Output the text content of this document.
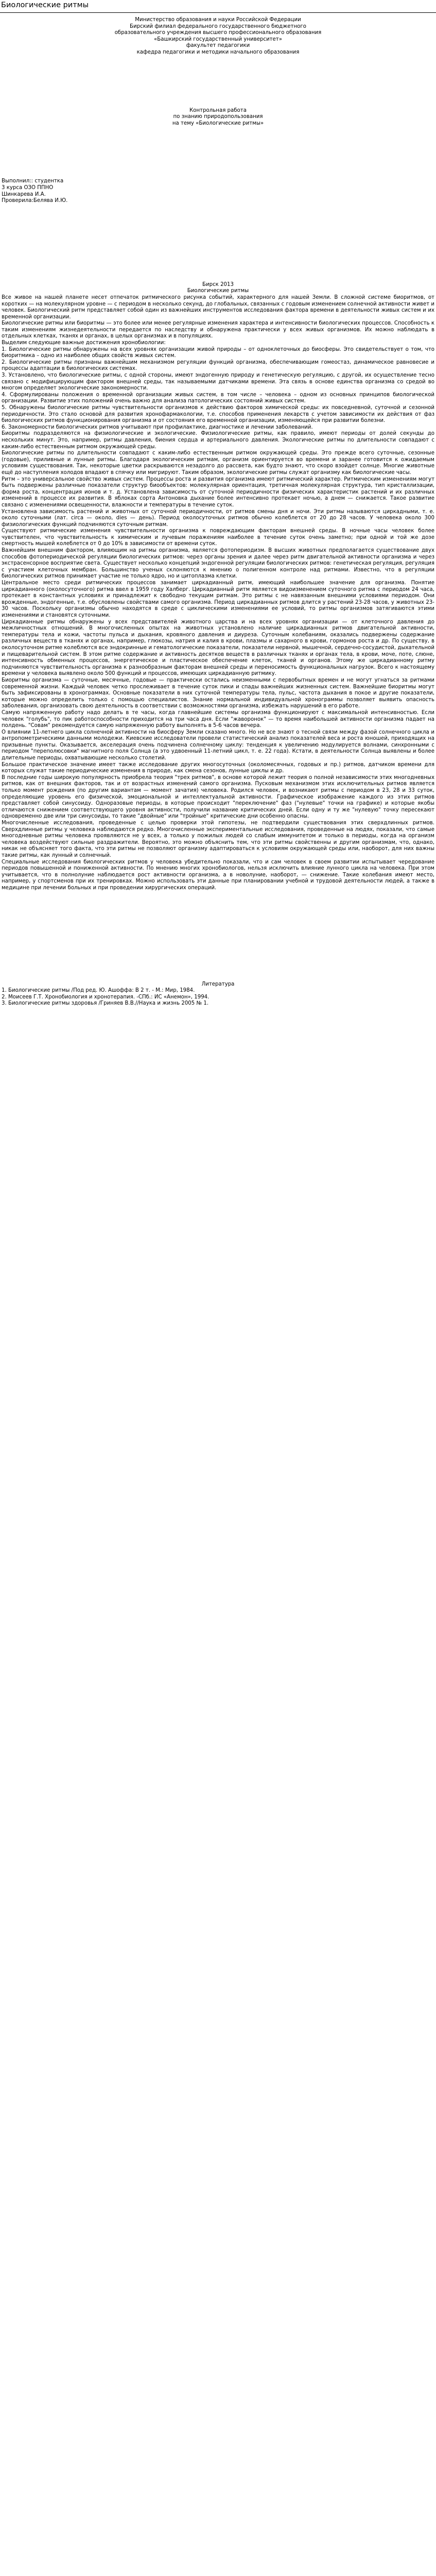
Биологические ритмы

Министерство образования и науки Российской Федерации

Бирский филиал федерального государственного бюджетного

образовательного учреждения высшего профессионального образования

«Башкирский государственный университет»

факультет педагогики

кафедра педагогики и методики начального образования

Контрольная работа

по знанию природопользования

на тему «Биологические ритмы»

Выполнил:: студентка

3 курса ОЗО ППНО

Шинкарева И.А.

Проверила:Белява И.Ю.

Бирск 2013

Биологические ритмы

Все живое на нашей планете несет отпечаток ритмического рисунка событий, характерного для нашей Земли. В сложной системе биоритмов, от коротких — на молекулярном уровне — с периодом в несколько секунд, до глобальных, связанных с годовым изменением солнечной активности живет и человек. Биологический ритм представляет собой один из важнейших инструментов исследования фактора времени в деятельности живых систем и их временной организации.

Биологические ритмы или биоритмы — это более или менее регулярные изменения характера и интенсивности биологических процессов. Способность к таким изменениям жизнедеятельности передается по наследству и обнаружена практически у всех живых организмов. Их можно наблюдать в отдельных клетках, тканях и органах, в целых организмах и в популяциях.

Выделим следующие важные достижения хронобиологии:

1. Биологические ритмы обнаружены на всех уровнях организации живой природы – от одноклеточных до биосферы. Это свидетельствует о том, что биоритмика – одно из наиболее общих свойств живых систем.

2. Биологические ритмы признаны важнейшим механизмом регуляции функций организма, обеспечивающим гомеостаз, динамическое равновесие и процессы адаптации в биологических системах.

3. Установлено, что биологические ритмы, с одной стороны, имеют эндогенную природу и генетическую регуляцию, с другой, их осуществление тесно связано с модифицирующим фактором внешней среды, так называемыми датчиками времени. Эта связь в основе единства организма со средой во многом определяет экологические закономерности.

4. Сформулированы положения о временной организации живых систем, в том числе – человека – одном из основных принципов биологической организации. Развитие этих положений очень важно для анализа патологических состояний живых систем.

5. Обнаружены биологические ритмы чувствительности организмов к действию факторов химической среды: их повседневной, суточной и сезонной периодичности. Это стало основой для развития хронофармакологии, т.е. способов применения лекарств с учетом зависимости их действия от фаз биологических ритмов функционирования организма и от состояния его временной организации, изменяющейся при развитии болезни.

6. Закономерности биологических ритмов учитывают при профилактике, диагностике и лечении заболеваний.

Биоритмы подразделяются на физиологические и экологические. Физиологические ритмы, как правило, имеют периоды от долей секунды до нескольких минут. Это, например, ритмы давления, биения сердца и артериального давления. Экологические ритмы по длительности совпадают с каким-либо естественным ритмом окружающей среды.

Биологические ритмы по длительности совпадают с каким-либо естественным ритмом окружающей среды. Это прежде всего суточные, сезонные (годовые), приливные и лунные ритмы. Благодаря экологическим ритмам, организм ориентируется во времени и заранее готовится к ожидаемым условиям существования. Так, некоторые цветки раскрываются незадолго до рассвета, как будто знают, что скоро взойдет солнце. Многие животные ещё до наступления холодов впадают в спячку или мигрируют. Таким образом, экологические ритмы служат организму как биологические часы.

Ритм – это универсальное свойство живых систем. Процессы роста и развития организма имеют ритмический характер. Ритмическим изменениям могут быть подвержены различные показатели структур биообъектов: молекулярная ориентация, третичная молекулярная структура, тип кристаллизации, форма роста, концентрация ионов и т. д. Установлена зависимость от суточной периодичности физических характеристик растений и их различных изменений в процессе их развития. В яблоках сорта Антоновка дыхание более интенсивно протекает ночью, а днем — снижается. Такое развитие связано с изменениями освещенности, влажности и температуры в течение суток.

Установлена зависимость растений и животных от суточной периодичности, от ритмов смены дня и ночи. Эти ритмы называются циркадными, т. е. около суточными (лат. circa — около, dies — день). Период околосуточных ритмов обычно колеблется от 20 до 28 часов. У человека около 300 физиологических функций подчиняются суточным ритмам.

Существуют ритмические изменения чувствительности организма к повреждающим факторам внешней среды. В ночные часы человек более чувствителен, что чувствительность к химическим и лучевым поражениям наиболее в течение суток очень заметно; при одной и той же дозе смертность мышей колеблется от 0 до 10% в зависимости от времени суток.

Важнейшим внешним фактором, влияющим на ритмы организма, является фотопериодизм. В высших животных предполагается существование двух способов фотопериодической регуляции биологических ритмов: через органы зрения и далее через ритм двигательной активности организма и через экстрасенсорное восприятие света. Существует несколько концепций эндогенной регуляции биологических ритмов: генетическая регуляция, регуляция с участием клеточных мембран. Большинство ученых склоняются к мнению о полигенном контроле над ритмами. Известно, что в регуляции биологических ритмов принимает участие не только ядро, но и цитоплазма клетки.

Центральное место среди ритмических процессов занимает циркадианный ритм, имеющий наибольшее значение для организма. Понятие циркадианного (околосуточного) ритма ввел в 1959 году Халберг. Циркадианный ритм является видоизменением суточного ритма с периодом 24 часа, протекает в константных условиях и принадлежит к свободно текущим ритмам. Это ритмы с не навязанным внешними условиями периодом. Они врожденные, эндогенные, т.е. обусловлены свойствами самого организма. Период циркадианных ритмов длится у растений 23-28 часов, у животных 23-30 часов. Поскольку организмы обычно находятся в среде с циклическими изменениями ее условий, то ритмы организмов затягиваются этими изменениями и становятся суточными.

Циркадианные ритмы обнаружены у всех представителей животного царства и на всех уровнях организации — от клеточного давления до межличностных отношений. В многочисленных опытах на животных установлено наличие циркадианных ритмов двигательной активности, температуры тела и кожи, частоты пульса и дыхания, кровяного давления и диуреза. Суточным колебаниям, оказались подвержены содержание различных веществ в тканях и органах, например, глюкозы, натрия и калия в крови, плазмы и сахарного в крови, гормонов роста и др. По существу, в околосуточном ритме колеблются все эндокринные и гематологические показатели, показатели нервной, мышечной, сердечно-сосудистой, дыхательной и пищеварительной систем. В этом ритме содержание и активность десятков веществ в различных тканях и органах тела, в крови, моче, поте, слюне, интенсивность обменных процессов, энергетическое и пластическое обеспечение клеток, тканей и органов. Этому же циркадианному ритму подчиняются чувствительность организма к разнообразным факторам внешней среды и переносимость функциональных нагрузок. Всего к настоящему времени у человека выявлено около 500 функций и процессов, имеющих циркадианную ритмику.

Биоритмы организма — суточные, месячные, годовые — практически остались неизменными с первобытных времен и не могут угнаться за ритмами современной жизни. Каждый человек четко прослеживает в течение суток пики и спады важнейших жизненных систем. Важнейшие биоритмы могут быть зафиксированы в хронограммах. Основные показатели в них суточной температуры тела, пульс, частота дыхания в покое и другие показатели, которые можно определить только с помощью специалистов. Знание нормальной индивидуальной хронограммы позволяет выявить опасность заболевания, организовать свою деятельность в соответствии с возможностями организма, избежать нарушений в его работе.

Самую напряженную работу надо делать в те часы, когда главнейшие системы организма функционируют с максимальной интенсивностью. Если человек "голубь", то пик работоспособности приходится на три часа дня. Если "жаворонок" — то время наибольшей активности организма падает на полдень. "Совам" рекомендуется самую напряженную работу выполнять в 5-6 часов вечера.

О влиянии 11-летнего цикла солнечной активности на биосферу Земли сказано много. Но не все знают о тесной связи между фазой солнечного цикла и антропометрическими данными молодежи. Киевские исследователи провели статистический анализ показателей веса и роста юношей, приходящих на призывные пункты. Оказывается, акселерация очень подчинена солнечному циклу: тенденция к увеличению модулируется волнами, синхронными с периодом "переполюсовки" магнитного поля Солнца (а это удвоенный 11-летний цикл, т. е. 22 года). Кстати, в деятельности Солнца выявлены и более длительные периоды, охватывающие несколько столетий.

Большое практическое значение имеет также исследование других многосуточных (околомесячных, годовых и пр.) ритмов, датчиком времени для которых служат такие периодические изменения в природе, как смена сезонов, лунные циклы и др.

В последние годы широкую популярность приобрела теория "трех ритмов", в основе которой лежит теория о полной независимости этих многодневных ритмов, как от внешних факторов, так и от возрастных изменений самого организма. Пусковым механизмом этих исключительных ритмов является только момент рождения (по другим вариантам — момент зачатия) человека. Родился человек, и возникают ритмы с периодом в 23, 28 и 33 суток, определяющие уровень его физической, эмоциональной и интеллектуальной активности. Графическое изображение каждого из этих ритмов представляет собой синусоиду. Одноразовые периоды, в которые происходит "переключение" фаз ("нулевые" точки на графике) и которые якобы отличаются снижением соответствующего уровня активности, получили название критических дней. Если одну и ту же "нулевую" точку пересекают одновременно две или три синусоиды, то такие "двойные" или "тройные" критические дни особенно опасны.

Многочисленные исследования, проведенные с целью проверки этой гипотезы, не подтвердили существования этих сверхдлинных ритмов. Сверхдлинные ритмы у человека наблюдаются редко. Многочисленные экспериментальные исследования, проведенные на людях, показали, что самые многодневные ритмы человека проявляются не у всех, а только у пожилых людей со слабым иммунитетом и только в периоды, когда на организм человека воздействуют сильные раздражители. Вероятно, это можно объяснить тем, что эти ритмы свойственны и другим организмам, что, однако, никак не объясняет того факта, что эти ритмы не позволяют организму адаптироваться к условиям окружающей среды или, наоборот, для них важны такие ритмы, как лунный и солнечный.

Специальные исследования биологических ритмов у человека убедительно показали, что и сам человек в своем развитии испытывает чередование периодов повышенной и пониженной активности. По мнению многих хронобиологов, нельзя исключить влияние лунного цикла на человека. При этом учитывается, что в полнолуние наблюдается рост активности организма, а в новолуние, наоборот, — снижение. Такие колебания имеют место, например, у спортсменов при их тренировках. Можно использовать эти данные при планировании учебной и трудовой деятельности людей, а также в медицине при лечении больных и при проведении хирургических операций.

Литература

1. Биологические ритмы /Под ред. Ю. Ашоффа: В 2 т. - М.: Мир, 1984.

2. Моисеев Г.Т. Хронобиология и хронотерапия. -СПб.: ИС «Анемон», 1994.

3. Биологические ритмы здоровья /Гриняев В.В.//Наука и жизнь 2005 № 1.
